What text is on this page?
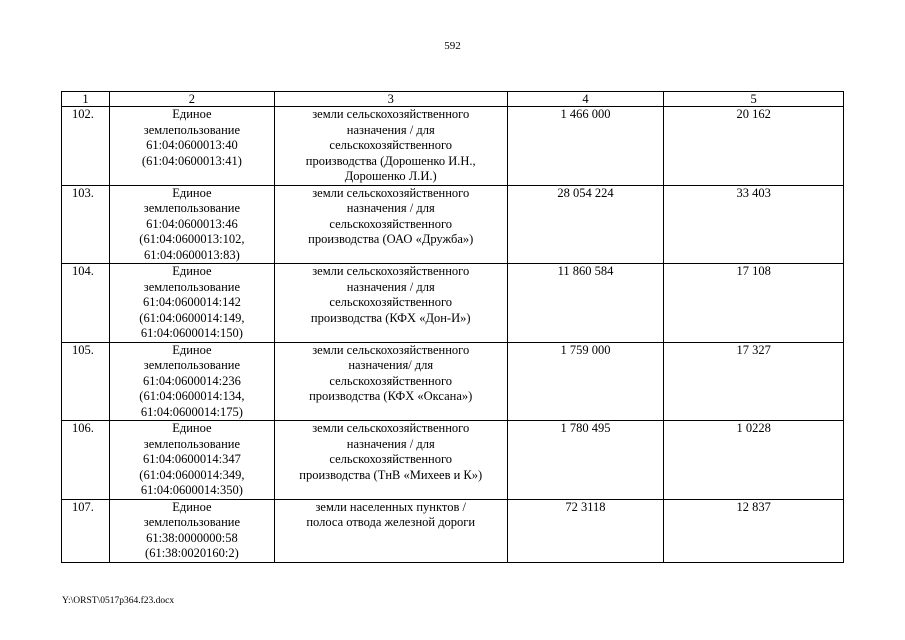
592
1	2	3	4	5
102.	Единое
землепользование
61:04:0600013:40
(61:04:0600013:41)	земли сельскохозяйственного
назначения / для
сельскохозяйственного
производства (Дорошенко И.Н.,
Дорошенко Л.И.)	1 466 000	20 162
103.	Единое
землепользование
61:04:0600013:46
(61:04:0600013:102,
61:04:0600013:83)	земли сельскохозяйственного
назначения / для
сельскохозяйственного
производства (ОАО «Дружба»)	28 054 224	33 403
104.	Единое
землепользование
61:04:0600014:142
(61:04:0600014:149,
61:04:0600014:150)	земли сельскохозяйственного
назначения / для
сельскохозяйственного
производства (КФХ «Дон-И»)	11 860 584	17 108
105.	Единое
землепользование
61:04:0600014:236
(61:04:0600014:134,
61:04:0600014:175)	земли сельскохозяйственного
назначения/ для
сельскохозяйственного
производства (КФХ «Оксана»)	1 759 000	17 327
106.	Единое
землепользование
61:04:0600014:347
(61:04:0600014:349,
61:04:0600014:350)	земли сельскохозяйственного
назначения / для
сельскохозяйственного
производства (ТнВ «Михеев и К»)	1 780 495	1 0228
107.	Единое
землепользование
61:38:0000000:58
(61:38:0020160:2)	земли населенных пунктов /
полоса отвода железной дороги	72 3118	12 837
Y:\ORST\0517p364.f23.docx
